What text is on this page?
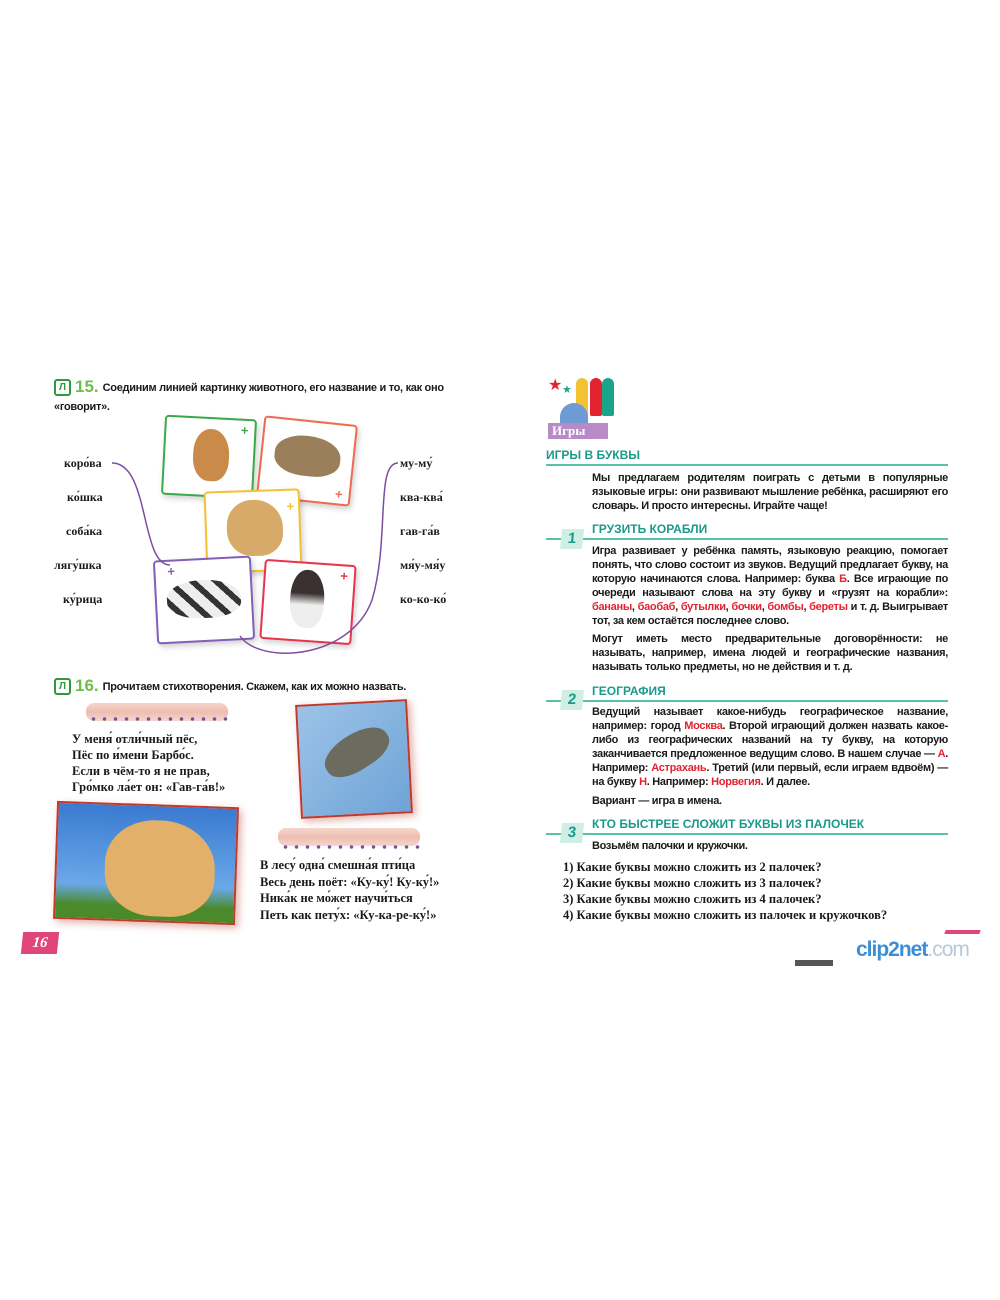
Л 15. Соединим линией картинку животного, его название и то, как оно «говорит».
коро́ва
ко́шка
соба́ка
лягу́шка
ку́рица
му-му́
ква-ква́
гав-га́в
мя́у-мя́у
ко-ко-ко́
+
+
+
+	+
Л 16. Прочитаем стихотворения. Скажем, как их можно назвать.
У меня́ отли́чный пёс,
Пёс по и́мени Барбо́с.
Если в чём-то я не прав,
Гро́мко ла́ет он: «Гав-га́в!»
В лесу́ одна́ смешна́я пти́ца
Весь день поёт: «Ку-ку́! Ку-ку́!»
Ника́к не мо́жет научи́ться
Петь как пету́х: «Ку-ка-ре-ку́!»
16
★ ★
Игры
ИГРЫ В БУКВЫ
Мы предлагаем родителям поиграть с детьми в популярные языковые игры: они развивают мышление ребёнка, расширяют его словарь. И просто интересны. Играйте чаще!
ГРУЗИТЬ КОРАБЛИ
1
Игра развивает у ребёнка память, языковую реакцию, помогает понять, что слово состоит из звуков. Ведущий предлагает букву, на которую начинаются слова. Например: буква Б. Все играющие по очереди называют слова на эту букву и «грузят на корабли»: бананы, баобаб, бутылки, бочки, бомбы, береты и т. д. Выигрывает тот, за кем остаётся последнее слово.
Могут иметь место предварительные договорённости: не называть, например, имена людей и географические названия, называть только предметы, но не действия и т. д.
ГЕОГРАФИЯ
2
Ведущий называет какое-нибудь географическое название, например: город Москва. Второй играющий должен назвать какое-либо из географических названий на ту букву, на которую заканчивается предложенное ведущим слово. В нашем случае — А. Например: Астрахань. Третий (или первый, если играем вдвоём) — на букву Н. Например: Норвегия. И далее.
Вариант — игра в имена.
КТО БЫСТРЕЕ СЛОЖИТ БУКВЫ ИЗ ПАЛОЧЕК
3
Возьмём палочки и кружочки.
1) Какие буквы можно сложить из 2 палочек?
2) Какие буквы можно сложить из 3 палочек?
3) Какие буквы можно сложить из 4 палочек?
4) Какие буквы можно сложить из палочек и кружочков?
clip2net.com
